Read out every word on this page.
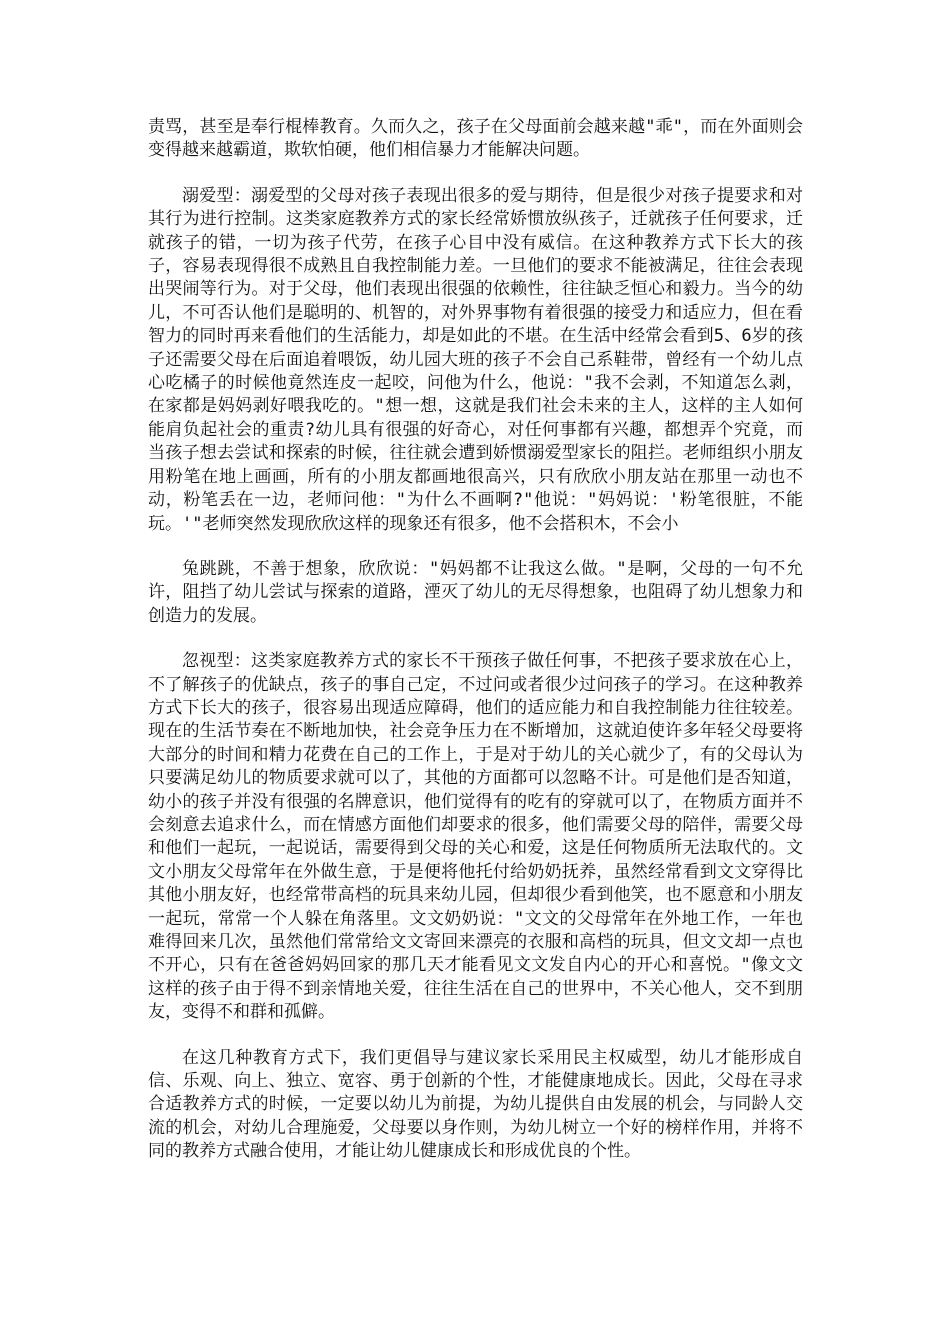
责骂，甚至是奉行棍棒教育。久而久之，孩子在父母面前会越来越"乖"，而在外面则会变得越来越霸道，欺软怕硬，他们相信暴力才能解决问题。

溺爱型：溺爱型的父母对孩子表现出很多的爱与期待，但是很少对孩子提要求和对其行为进行控制。这类家庭教养方式的家长经常娇惯放纵孩子，迁就孩子任何要求，迁就孩子的错，一切为孩子代劳，在孩子心目中没有威信。在这种教养方式下长大的孩子，容易表现得很不成熟且自我控制能力差。一旦他们的要求不能被满足，往往会表现出哭闹等行为。对于父母，他们表现出很强的依赖性，往往缺乏恒心和毅力。当今的幼儿，不可否认他们是聪明的、机智的，对外界事物有着很强的接受力和适应力，但在看智力的同时再来看他们的生活能力，却是如此的不堪。在生活中经常会看到5、6岁的孩子还需要父母在后面追着喂饭，幼儿园大班的孩子不会自己系鞋带，曾经有一个幼儿点心吃橘子的时候他竟然连皮一起咬，问他为什么，他说："我不会剥，不知道怎么剥，在家都是妈妈剥好喂我吃的。"想一想，这就是我们社会未来的主人，这样的主人如何能肩负起社会的重责?幼儿具有很强的好奇心，对任何事都有兴趣，都想弄个究竟，而当孩子想去尝试和探索的时候，往往就会遭到娇惯溺爱型家长的阻拦。老师组织小朋友用粉笔在地上画画，所有的小朋友都画地很高兴，只有欣欣小朋友站在那里一动也不动，粉笔丢在一边，老师问他："为什么不画啊?"他说："妈妈说：'粉笔很脏，不能玩。'"老师突然发现欣欣这样的现象还有很多，他不会搭积木，不会小

兔跳跳，不善于想象，欣欣说："妈妈都不让我这么做。"是啊，父母的一句不允许，阻挡了幼儿尝试与探索的道路，湮灭了幼儿的无尽得想象，也阻碍了幼儿想象力和创造力的发展。

忽视型：这类家庭教养方式的家长不干预孩子做任何事，不把孩子要求放在心上，不了解孩子的优缺点，孩子的事自己定，不过问或者很少过问孩子的学习。在这种教养方式下长大的孩子，很容易出现适应障碍，他们的适应能力和自我控制能力往往较差。现在的生活节奏在不断地加快，社会竞争压力在不断增加，这就迫使许多年轻父母要将大部分的时间和精力花费在自己的工作上，于是对于幼儿的关心就少了，有的父母认为只要满足幼儿的物质要求就可以了，其他的方面都可以忽略不计。可是他们是否知道，幼小的孩子并没有很强的名牌意识，他们觉得有的吃有的穿就可以了，在物质方面并不会刻意去追求什么，而在情感方面他们却要求的很多，他们需要父母的陪伴，需要父母和他们一起玩，一起说话，需要得到父母的关心和爱，这是任何物质所无法取代的。文文小朋友父母常年在外做生意，于是便将他托付给奶奶抚养，虽然经常看到文文穿得比其他小朋友好，也经常带高档的玩具来幼儿园，但却很少看到他笑，也不愿意和小朋友一起玩，常常一个人躲在角落里。文文奶奶说："文文的父母常年在外地工作，一年也难得回来几次，虽然他们常常给文文寄回来漂亮的衣服和高档的玩具，但文文却一点也不开心，只有在爸爸妈妈回家的那几天才能看见文文发自内心的开心和喜悦。"像文文这样的孩子由于得不到亲情地关爱，往往生活在自己的世界中，不关心他人，交不到朋友，变得不和群和孤僻。

在这几种教育方式下，我们更倡导与建议家长采用民主权威型，幼儿才能形成自信、乐观、向上、独立、宽容、勇于创新的个性，才能健康地成长。因此，父母在寻求合适教养方式的时候，一定要以幼儿为前提，为幼儿提供自由发展的机会，与同龄人交流的机会，对幼儿合理施爱，父母要以身作则，为幼儿树立一个好的榜样作用，并将不同的教养方式融合使用，才能让幼儿健康成长和形成优良的个性。
